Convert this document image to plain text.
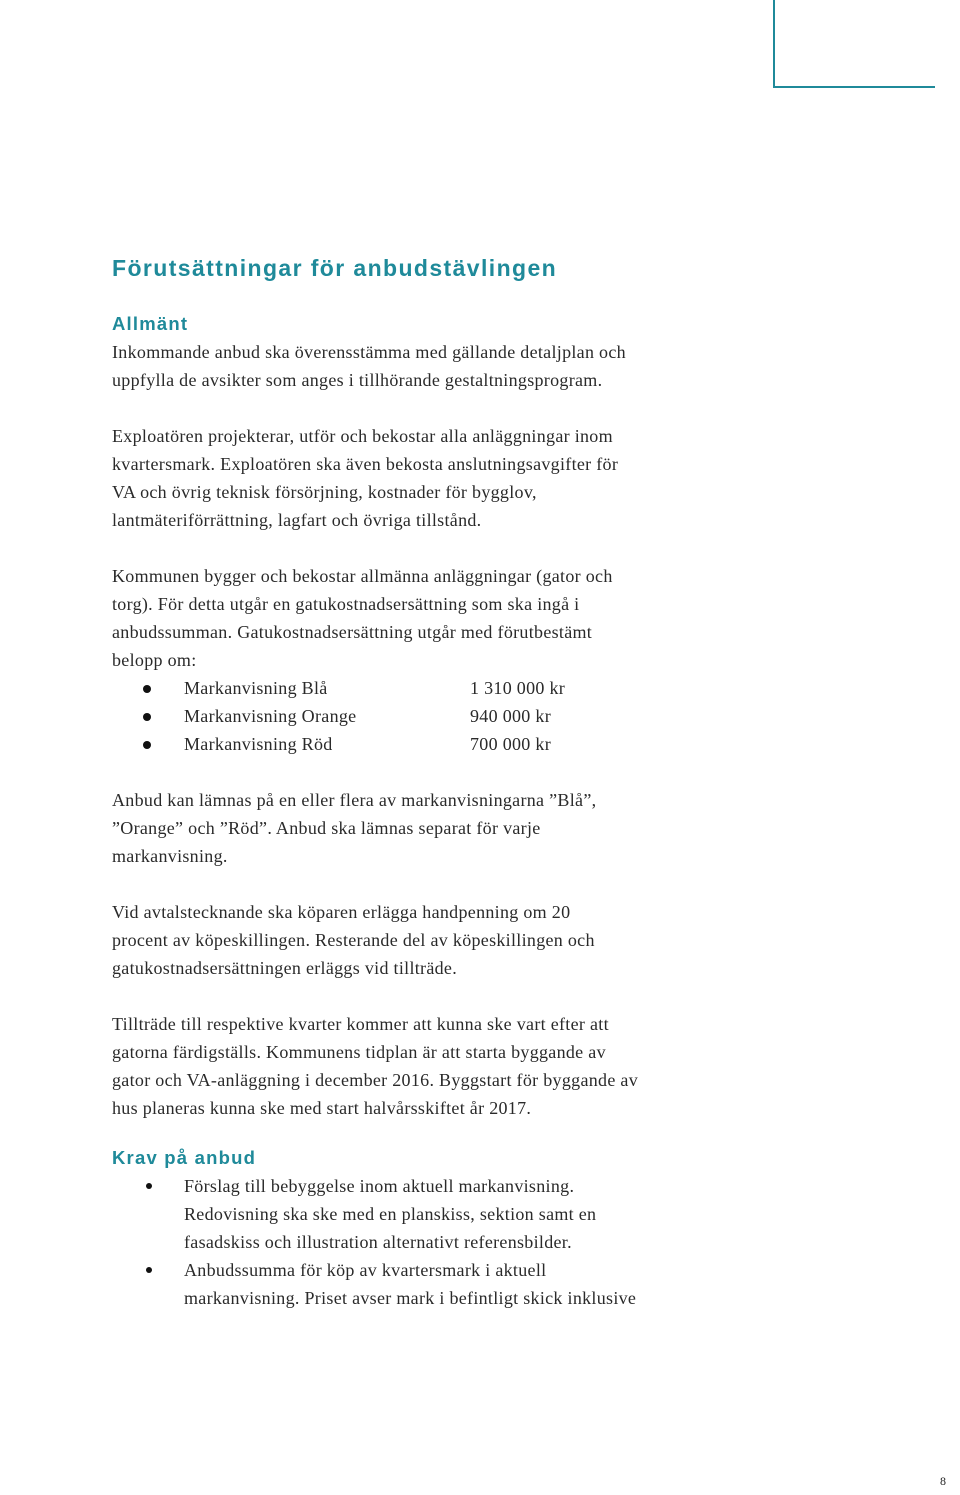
Förutsättningar för anbudstävlingen
Allmänt

Inkommande anbud ska överensstämma med gällande detaljplan och

uppfylla de avsikter som anges i tillhörande gestaltningsprogram.

Exploatören projekterar, utför och bekostar alla anläggningar inom

kvartersmark. Exploatören ska även bekosta anslutningsavgifter för

VA och övrig teknisk försörjning, kostnader för bygglov,

lantmäteriförrättning, lagfart och övriga tillstånd.

Kommunen bygger och bekostar allmänna anläggningar (gator och

torg). För detta utgår en gatukostnadsersättning som ska ingå i

anbudssumman. Gatukostnadsersättning utgår med förutbestämt

belopp om:

Markanvisning Blå	1 310 000 kr
Markanvisning Orange	940 000 kr
Markanvisning Röd	700 000 kr

Anbud kan lämnas på en eller flera av markanvisningarna ”Blå”,

”Orange” och ”Röd”. Anbud ska lämnas separat för varje

markanvisning.

Vid avtalstecknande ska köparen erlägga handpenning om 20

procent av köpeskillingen. Resterande del av köpeskillingen och

gatukostnadsersättningen erläggs vid tillträde.

Tillträde till respektive kvarter kommer att kunna ske vart efter att

gatorna färdigställs. Kommunens tidplan är att starta byggande av

gator och VA-anläggning i december 2016. Byggstart för byggande av

hus planeras kunna ske med start halvårsskiftet år 2017.

Krav på anbud
Förslag till bebyggelse inom aktuell markanvisning.
Redovisning ska ske med en planskiss, sektion samt en
fasadskiss och illustration alternativt referensbilder.
Anbudssumma för köp av kvartersmark i aktuell
markanvisning. Priset avser mark i befintligt skick inklusive
8
